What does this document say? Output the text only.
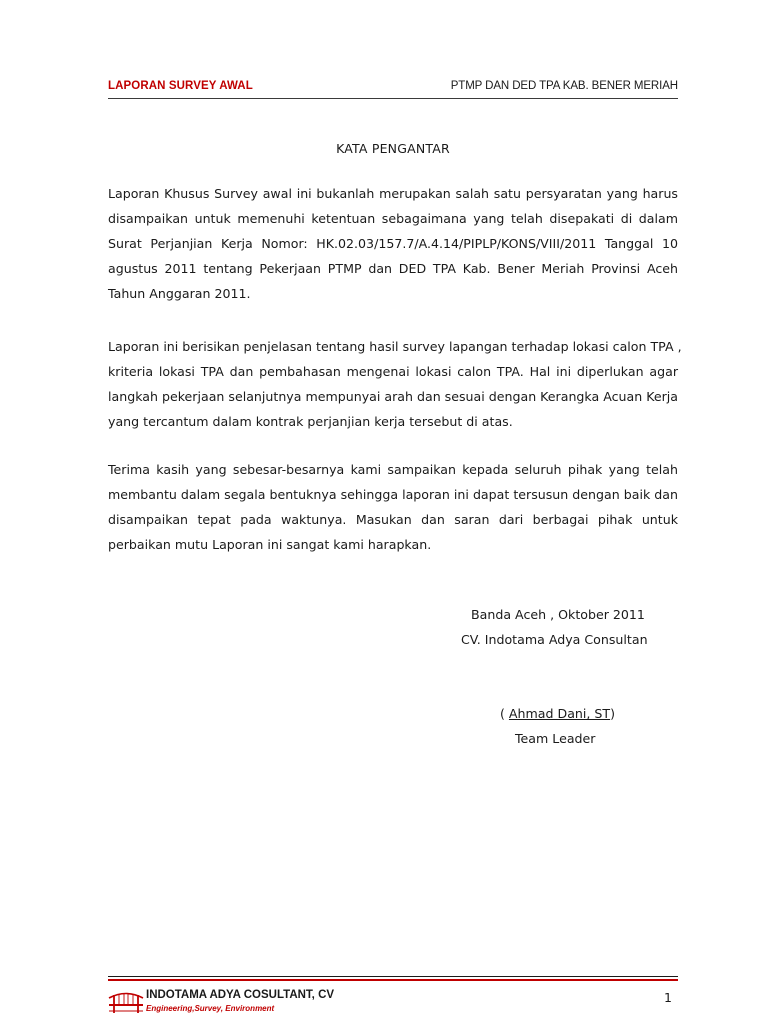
LAPORAN SURVEY AWAL	PTMP DAN DED TPA KAB. BENER MERIAH
KATA PENGANTAR
Laporan Khusus Survey awal ini bukanlah merupakan salah satu persyaratan yang harus
disampaikan untuk memenuhi ketentuan sebagaimana yang telah disepakati di dalam
Surat Perjanjian Kerja Nomor: HK.02.03/157.7/A.4.14/PIPLP/KONS/VIII/2011 Tanggal 10
agustus 2011 tentang Pekerjaan PTMP dan DED TPA Kab. Bener Meriah Provinsi Aceh
Tahun Anggaran 2011.
Laporan ini berisikan penjelasan tentang hasil survey lapangan terhadap lokasi calon TPA ,
kriteria lokasi TPA dan pembahasan mengenai lokasi calon TPA. Hal ini diperlukan agar
langkah pekerjaan selanjutnya mempunyai arah dan sesuai dengan Kerangka Acuan Kerja
yang tercantum dalam kontrak perjanjian kerja tersebut di atas.
Terima kasih yang sebesar-besarnya kami sampaikan kepada seluruh pihak yang telah
membantu dalam segala bentuknya sehingga laporan ini dapat tersusun dengan baik dan
disampaikan tepat pada waktunya. Masukan dan saran dari berbagai pihak untuk
perbaikan mutu Laporan ini sangat kami harapkan.
Banda Aceh , Oktober 2011
CV. Indotama Adya Consultan
( Ahmad Dani, ST)
Team Leader
INDOTAMA ADYA COSULTANT, CV
Engineering,Survey, Environment
1
